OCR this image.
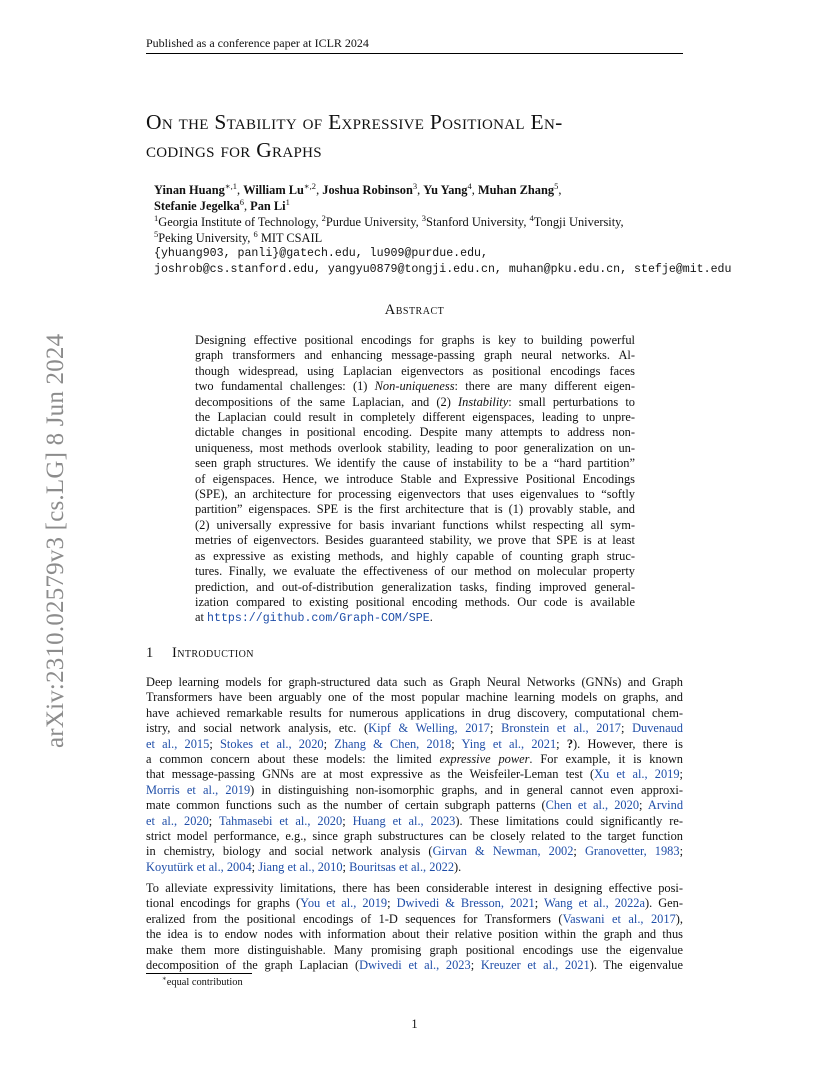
Published as a conference paper at ICLR 2024
arXiv:2310.02579v3 [cs.LG] 8 Jun 2024
On the Stability of Expressive Positional En-
codings for Graphs
Yinan Huang$^{∗,1}$, William $Lu^{∗,2}$, Joshua Robinson$^3$, Yu Yang$^4$, Muhan Zhang$^5$,
Stefanie Jegelka$^6$, Pan Li$^1$
$^1$Georgia Institute of Technology, $^2$Purdue University, $^3$Stanford University, $^4$Tongji University,
$^5$Peking University, $^6$ MIT CSAIL
{yhuang903, panli}@gatech.edu, lu909@purdue.edu,
joshrob@cs.stanford.edu, yangyu0879@tongji.edu.cn, muhan@pku.edu.cn, stefje@mit.edu
Abstract
Designing effective positional encodings for graphs is key to building powerful
graph transformers and enhancing message-passing graph neural networks. Al-
though widespread, using Laplacian eigenvectors as positional encodings faces
two fundamental challenges: (1) Non-uniqueness: there are many different eigen-
decompositions of the same Laplacian, and (2) Instability: small perturbations to
the Laplacian could result in completely different eigenspaces, leading to unpre-
dictable changes in positional encoding. Despite many attempts to address non-
uniqueness, most methods overlook stability, leading to poor generalization on un-
seen graph structures. We identify the cause of instability to be a “hard partition”
of eigenspaces. Hence, we introduce Stable and Expressive Positional Encodings
(SPE), an architecture for processing eigenvectors that uses eigenvalues to “softly
partition” eigenspaces. SPE is the first architecture that is (1) provably stable, and
(2) universally expressive for basis invariant functions whilst respecting all sym-
metries of eigenvectors. Besides guaranteed stability, we prove that SPE is at least
as expressive as existing methods, and highly capable of counting graph struc-
tures. Finally, we evaluate the effectiveness of our method on molecular property
prediction, and out-of-distribution generalization tasks, finding improved general-
ization compared to existing positional encoding methods. Our code is available
at https://github.com/Graph-COM/SPE.
1 Introduction
Deep learning models for graph-structured data such as Graph Neural Networks (GNNs) and Graph
Transformers have been arguably one of the most popular machine learning models on graphs, and
have achieved remarkable results for numerous applications in drug discovery, computational chem-
istry, and social network analysis, etc. (Kipf & Welling, 2017; Bronstein et al., 2017; Duvenaud
et al., 2015; Stokes et al., 2020; Zhang & Chen, 2018; Ying et al., 2021; ?). However, there is
a common concern about these models: the limited expressive power. For example, it is known
that message-passing GNNs are at most expressive as the Weisfeiler-Leman test (Xu et al., 2019;
Morris et al., 2019) in distinguishing non-isomorphic graphs, and in general cannot even approxi-
mate common functions such as the number of certain subgraph patterns (Chen et al., 2020; Arvind
et al., 2020; Tahmasebi et al., 2020; Huang et al., 2023). These limitations could significantly re-
strict model performance, e.g., since graph substructures can be closely related to the target function
in chemistry, biology and social network analysis (Girvan & Newman, 2002; Granovetter, 1983;
Koyutürk et al., 2004; Jiang et al., 2010; Bouritsas et al., 2022).
To alleviate expressivity limitations, there has been considerable interest in designing effective posi-
tional encodings for graphs (You et al., 2019; Dwivedi & Bresson, 2021; Wang et al., 2022a). Gen-
eralized from the positional encodings of 1-D sequences for Transformers (Vaswani et al., 2017),
the idea is to endow nodes with information about their relative position within the graph and thus
make them more distinguishable. Many promising graph positional encodings use the eigenvalue
decomposition of the graph Laplacian (Dwivedi et al., 2023; Kreuzer et al., 2021). The eigenvalue
∗equal contribution
1
